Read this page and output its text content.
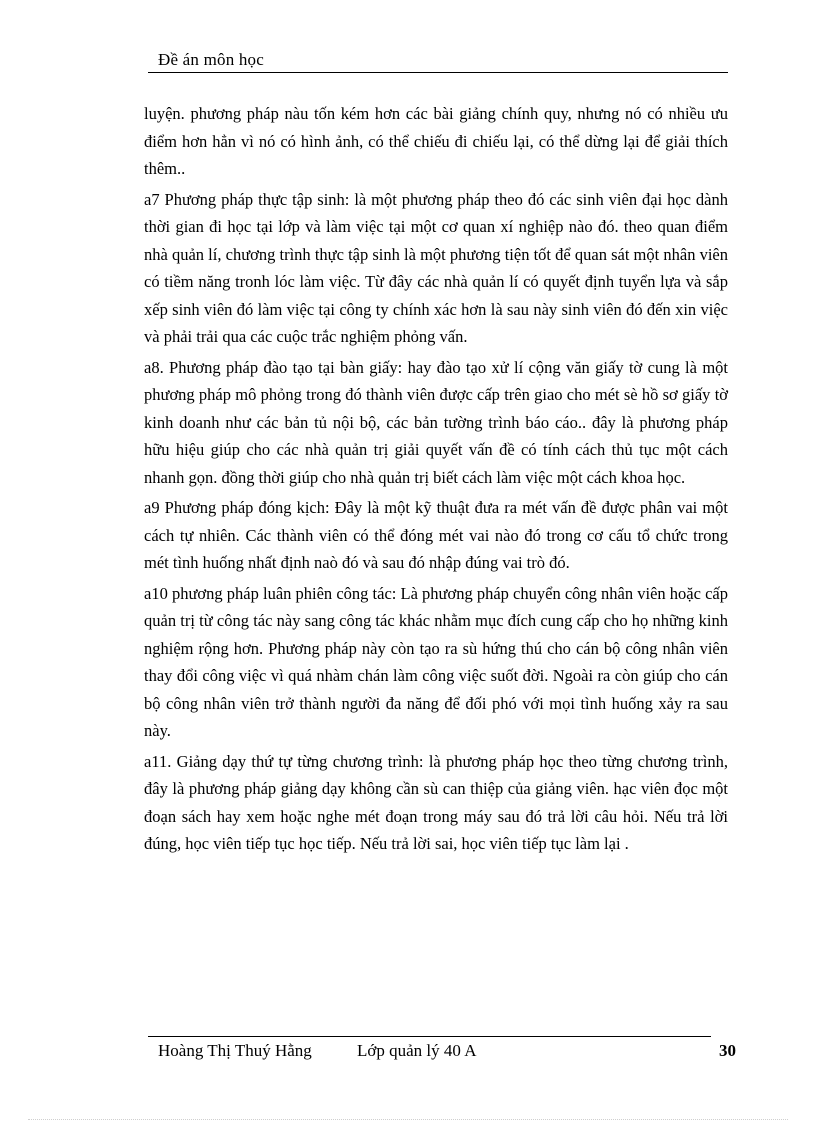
Đề án môn học

luyện. phương pháp nàu tốn kém hơn các bài giảng chính quy, nhưng nó có nhiều ưu điểm hơn hẳn vì nó có hình ảnh, có thể chiếu đi chiếu lại, có thể dừng lại để giải thích thêm..

a7 Phương pháp thực tập sinh: là một phương pháp theo đó các sinh viên đại học dành thời gian đi học tại lớp và làm việc tại một cơ quan xí nghiệp nào đó. theo quan điểm nhà quản lí, chương trình thực tập sinh là một phương tiện tốt để quan sát một nhân viên có tiềm năng tronh lóc làm việc. Từ đây các nhà quản lí có quyết định tuyển lựa và sắp xếp sinh viên đó làm việc tại công ty chính xác hơn là sau này sinh viên đó đến xin việc và phải trải qua các cuộc trắc nghiệm phỏng vấn.

a8. Phương pháp đào tạo tại bàn giấy: hay đào tạo xử lí cộng văn giấy tờ cung là một phương pháp mô phỏng trong đó thành viên được cấp trên giao cho mét sè hồ sơ giấy tờ kinh doanh như các bản tủ nội bộ, các bản tường trình báo cáo.. đây là phương pháp hữu hiệu giúp cho các nhà quản trị giải quyết vấn đề có tính cách thủ tục một cách nhanh gọn. đồng thời giúp cho nhà quản trị biết cách làm việc một cách khoa học.

a9 Phương pháp đóng kịch: Đây là một kỹ thuật đưa ra mét vấn đề được phân vai một cách tự nhiên. Các thành viên có thể đóng mét vai nào đó trong cơ cấu tổ chức trong mét tình huống nhất định naò đó và sau đó nhập đúng vai trò đó.

a10 phương pháp luân phiên công tác: Là phương pháp chuyển công nhân viên hoặc cấp quản trị từ công tác này sang công tác khác nhằm mục đích cung cấp cho họ những kinh nghiệm rộng hơn. Phương pháp này còn tạo ra sù hứng thú cho cán bộ công nhân viên thay đổi công việc vì quá nhàm chán làm công việc suốt đời. Ngoài ra còn giúp cho cán bộ công nhân viên trở thành người đa năng để đối phó với mọi tình huống xảy ra sau này.

a11. Giảng dạy thứ tự từng chương trình: là phương pháp học theo từng chương trình, đây là phương pháp giảng dạy không cần sù can thiệp của giảng viên. hạc viên đọc một đoạn sách hay xem hoặc nghe mét đoạn trong máy sau đó trả lời câu hỏi. Nếu trả lời đúng, học viên tiếp tục học tiếp. Nếu trả lời sai, học viên tiếp tục làm lại .

Hoàng Thị Thuý Hằng	Lớp quản lý 40 A	30
